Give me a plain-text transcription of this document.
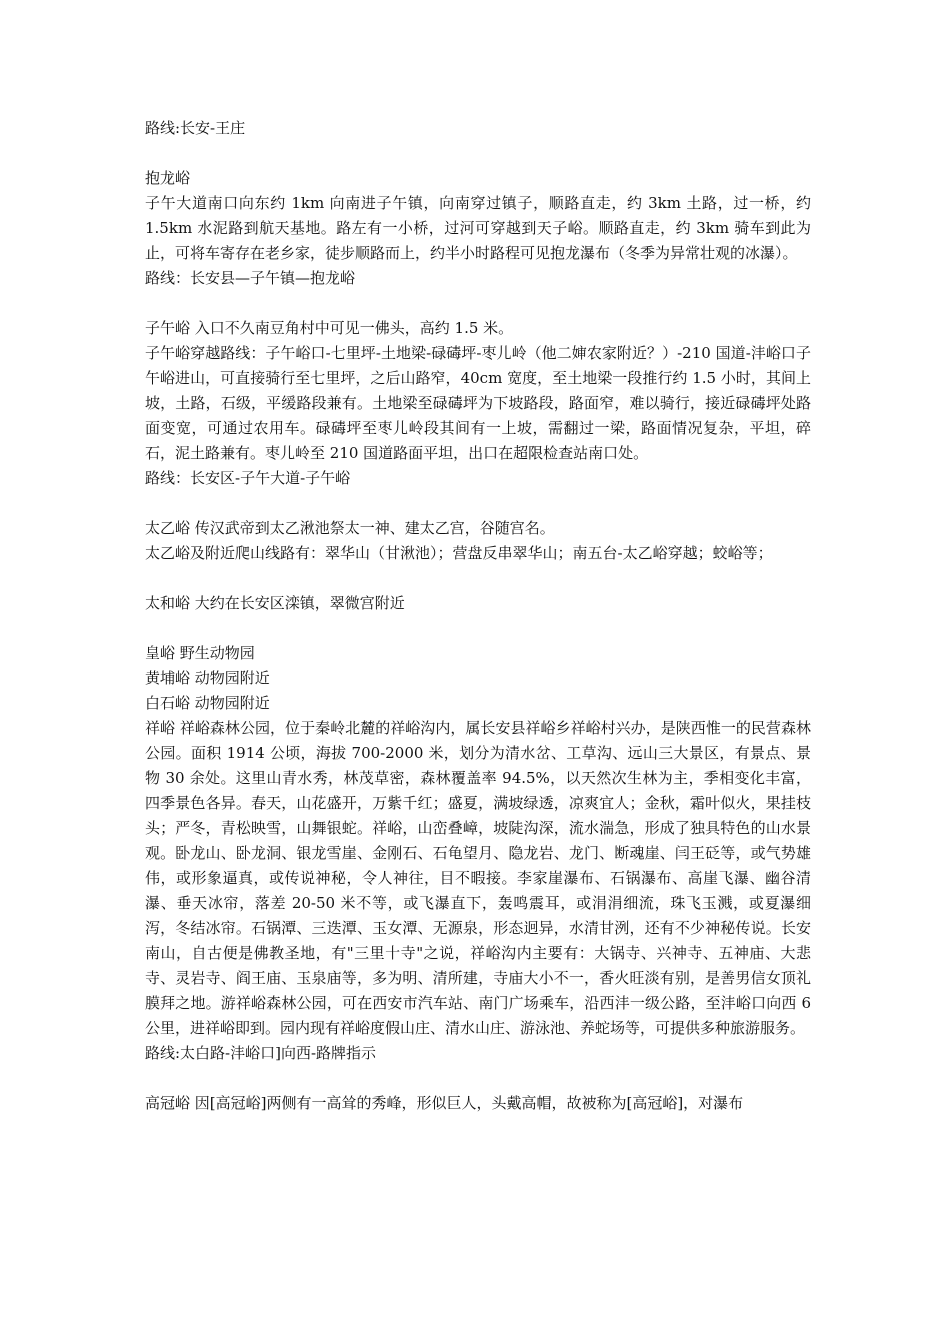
路线:长安-王庄

抱龙峪

子午大道南口向东约 1km 向南进子午镇，向南穿过镇子，顺路直走，约 3km 土路，过一桥，约 1.5km 水泥路到航天基地。路左有一小桥，过河可穿越到天子峪。顺路直走，约 3km 骑车到此为止，可将车寄存在老乡家，徒步顺路而上，约半小时路程可见抱龙瀑布（冬季为异常壮观的冰瀑）。

路线：长安县—子午镇—抱龙峪

子午峪 入口不久南豆角村中可见一佛头，高约 1.5 米。

子午峪穿越路线：子午峪口-七里坪-土地梁-碌碡坪-枣儿岭（他二婶农家附近？）-210 国道-沣峪口子午峪进山，可直接骑行至七里坪，之后山路窄，40cm 宽度，至土地梁一段推行约 1.5 小时，其间上坡，土路，石级，平缓路段兼有。土地梁至碌碡坪为下坡路段，路面窄，难以骑行，接近碌碡坪处路面变宽，可通过农用车。碌碡坪至枣儿岭段其间有一上坡，需翻过一梁，路面情况复杂，平坦，碎石，泥土路兼有。枣儿岭至 210 国道路面平坦，出口在超限检查站南口处。

路线：长安区-子午大道-子午峪

太乙峪 传汉武帝到太乙湫池祭太一神、建太乙宫，谷随宫名。

太乙峪及附近爬山线路有：翠华山（甘湫池）；营盘反串翠华山；南五台-太乙峪穿越；蛟峪等；

太和峪 大约在长安区滦镇，翠微宫附近

皇峪 野生动物园

黄埔峪 动物园附近

白石峪 动物园附近

祥峪 祥峪森林公园，位于秦岭北麓的祥峪沟内，属长安县祥峪乡祥峪村兴办，是陕西惟一的民营森林公园。面积 1914 公顷，海拔 700-2000 米，划分为清水岔、工草沟、远山三大景区，有景点、景物 30 余处。这里山青水秀，林茂草密，森林覆盖率 94.5%，以天然次生林为主，季相变化丰富，四季景色各异。春天，山花盛开，万紫千红；盛夏，满坡绿透，凉爽宜人；金秋，霜叶似火，果挂枝头；严冬，青松映雪，山舞银蛇。祥峪，山峦叠嶂，坡陡沟深，流水湍急，形成了独具特色的山水景观。卧龙山、卧龙洞、银龙雪崖、金刚石、石龟望月、隐龙岩、龙门、断魂崖、闫王砭等，或气势雄伟，或形象逼真，或传说神秘，令人神往，目不暇接。李家崖瀑布、石锅瀑布、高崖飞瀑、幽谷清瀑、垂天冰帘，落差 20-50 米不等，或飞瀑直下，轰鸣震耳，或涓涓细流，珠飞玉溅，或夏瀑细泻，冬结冰帘。石锅潭、三迭潭、玉女潭、无源泉，形态迥异，水清甘洌，还有不少神秘传说。长安南山，自古便是佛教圣地，有"三里十寺"之说，祥峪沟内主要有：大锅寺、兴神寺、五神庙、大悲寺、灵岩寺、阎王庙、玉泉庙等，多为明、清所建，寺庙大小不一，香火旺淡有别，是善男信女顶礼膜拜之地。游祥峪森林公园，可在西安市汽车站、南门广场乘车，沿西沣一级公路，至沣峪口向西 6 公里，进祥峪即到。园内现有祥峪度假山庄、清水山庄、游泳池、养蛇场等，可提供多种旅游服务。

路线:太白路-沣峪口]向西-路牌指示

高冠峪 因[高冠峪]两侧有一高耸的秀峰，形似巨人，头戴高帽，故被称为[高冠峪]，对瀑布
